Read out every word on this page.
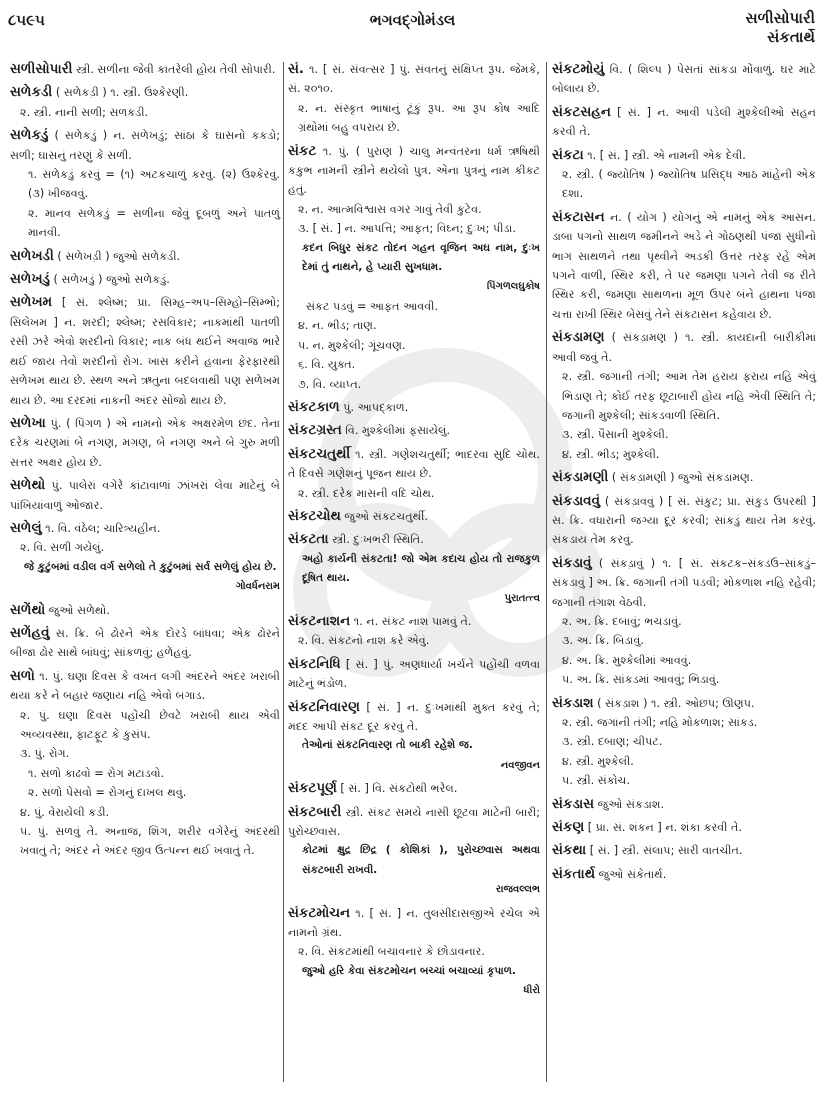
૮૫૯૫	ભગવદ્ગોમંડલ	સળીસોપારી
સંકતાર્થે
સળીસોપારી સ્ત્રી. સળીના જેવી કાતરેલી હોય તેવી સોપારી.
સળેકડી ( સળેકડ઼ી ) ૧. સ્ત્રી. ઉશ્કેરણી.
૨. સ્ત્રી. નાની સળી; સળકડી.
સળેકડું ( સળેકડ઼ું ) ન. સળેખડું; સાંઠા કે ઘાસનો કકડો; સળી; ઘાસનું તરણું કે સળી.
૧. સળેકડું કરવું = (૧) અટકચાળું કરવું. (૨) ઉશ્કેરવું. (૩) ખીજવવું.
૨. માનવ સળેકડું = સળીના જેવું દૂબળું અને પાતળું માનવી.
સળેખડી ( સળેખડ઼ી ) જુઓ સળેકડી.
સળેખડું ( સળેખડ઼ું ) જુઓ સળેકડું.
સળેખમ [ સં. શ્લેષ્મ; પ્રા. સિમ્હ–અપ–સિમ્હો–સિમ્ભો; સિલેખમ ] ન. શરદી; શ્લેષ્મ; રસવિકાર; નાકમાંથી પાતળી રસી ઝરે એવો શરદીનો વિકાર; નાક બંધ થઈને અવાજ ભારે થઈ જાય તેવો શરદીનો રોગ. ખાસ કરીને હવાના ફેરફારથી સળેખમ થાય છે. સ્થળ અને ઋતુના બદલવાથી પણ સળેખમ થાય છે. આ દરદમાં નાકની અંદર સોજો થાય છે.
સળેખા પું. ( પિંગળ ) એ નામનો એક અક્ષરમેળ છંદ. તેના દરેક ચરણમાં બે નગણ, મગણ, બે નગણ અને બે ગુરુ મળી સત્તર અક્ષર હોય છે.
સળેથો પું. પાલેરાં વગેરે કાંટાવાળાં ઝાંખરાં લેવા માટેનું બે પાંખિયાંવાળું ઓજાર.
સળેલું ૧. વિ. વંઠેલ; ચારિત્ર્યહીન.
૨. વિ. સળી ગયેલું.
જે કુટુંબમાં વડીલ વર્ગ સળેલો તે કુટુંબમાં સર્વ સળેલું હોય છે.
ગોવર્ધનરામ
સળેંથો જુઓ સળેથો.
સળેંહવું સ. ક્રિ. બે ઢોરને એક દોરડે બાંધવા; એક ઢોરને બીજા ઢોર સાથે બાંધવું; સાંકળવું; હળેંહવું.
સળો ૧. પું. ઘણા દિવસ કે વખત લગી અંદરને અંદર ખરાબી થયા કરે ને બહાર જણાય નહિ એવો બગાડ.
૨. પું. ઘણા દિવસ પહોંચી છેવટે ખરાબી થાય એવી અવ્યવસ્થા, ફાટફૂટ કે કુસંપ.
૩. પું. રોગ.
૧. સળો કાઢવો = રોગ મટાડવો.
૨. સળો પેસવો = રોગનું દાખલ થવું.
૪. પું. વેરાયેલી કડી.
૫. પું. સળવું તે. અનાજ, શિંગ, શરીર વગેરેનું અંદરથી ખવાતું તે; અંદર ને અંદર જીવ ઉત્પન્ન થઈ ખવાતું તે.
સં. ૧. [ સં. સંવત્સર ] પું. સંવતનું સંક્ષિપ્ત રૂપ. જેમકે, સં. ૨૦૧૦.
૨. ન. સંસ્કૃત ભાષાનું ટૂંકું રૂપ. આ રૂપ કોષ આદિ ગ્રંથોમાં બહુ વપરાય છે.
સંકટ ૧. પું. ( પુરાણ ) ચાલુ મન્વંતરના ધર્મ ઋષિથી કકુભ નામની સ્ત્રીને થયેલો પુત્ર. એના પુત્રનું નામ કીકટ હતું.
૨. ન. આત્મવિશ્વાસ વગર ગાવું તેવી કુટેવ.
૩. [ સં. ] ન. આપત્તિ; આફત; વિઘ્ન; દુઃખ; પીડા.
કદન બિધુર સંકટ તોદન ગહન વૃજિન અઘ નામ, દુઃખ દેમાં તું નાથને, હે પ્યારી સુખધામ.
પિંગળલઘુકોષ
સંકટ પડવું = આફત આવવી.
૪. ન. ભીડ; તાણ.
૫. ન. મુશ્કેલી; ગૂંચવણ.
૬. વિ. યુક્ત.
૭. વિ. વ્યાપ્ત.
સંકટકાળ પું. આપદ્કાળ.
સંકટગ્રસ્ત વિ. મુશ્કેલીમાં ફસાયેલું.
સંકટચતુર્થી ૧. સ્ત્રી. ગણેશચતુર્થી; ભાદરવા સુદિ ચોથ. તે દિવસે ગણેશનું પૂજન થાય છે.
૨. સ્ત્રી. દરેક માસની વદિ ચોથ.
સંકટચોથ જુઓ સંકટચતુર્થી.
સંકટતા સ્ત્રી. દુઃખભરી સ્થિતિ.
અહો કાર્યની સંકટતા! જો એમ કદાચ હોય તો રાજકુળ દૂષિત થાય.
પુરાતત્ત્વ
સંકટનાશન ૧. ન. સંકટ નાશ પામવું તે.
૨. વિ. સંકટનો નાશ કરે એવું.
સંકટનિધિ [ સં. ] પું. અણધાર્યા ખર્ચને પહોંચી વળવા માટેનું ભંડોળ.
સંકટનિવારણ [ સં. ] ન. દુઃખમાંથી મુક્ત કરવું તે; મદદ આપી સંકટ દૂર કરવું તે.
તેઓનાં સંકટનિવારણ તો બાકી રહેશે જ.
નવજીવન
સંકટપૂર્ણ [ સં. ] વિ. સંકટોથી ભરેલ.
સંકટબારી સ્ત્રી. સંકટ સમયે નાસી છૂટવા માટેની બારી; પુરોચ્છ્વાસ.
કોટમાં ક્ષુદ્ર છિદ્ર ( કોશિકાં ), પુરોચ્છ્વાસ અથવા સંકટબારી રાખવી.
રાજવલ્લભ
સંકટમોચન ૧. [ સં. ] ન. તુલસીદાસજીએ રચેલ એ નામનો ગ્રંથ.
૨. વિ. સંકટમાંથી બચાવનાર કે છોડાવનાર.
જુઓ હરિ કેવા સંકટમોચન બચ્ચાં બચાવ્યાં કૃપાળ.
ધીરો
સંકટમોયું વિ. ( શિલ્પ ) પેસતાં સાંકડા મોંવાળું. ઘર માટે બોલાય છે.
સંકટસહન [ સં. ] ન. આવી પડેલી મુશ્કેલીઓ સહન કરવી તે.
સંકટા ૧. [ સં. ] સ્ત્રી. એ નામની એક દેવી.
૨. સ્ત્રી. ( જ્યોતિષ ) જ્યોતિષ પ્રસિદ્ધ આઠ માંહેની એક દશા.
સંકટાસન ન. ( યોગ ) યોગનું એ નામનું એક આસન. ડાબા પગનો સાથળ જમીનને અડે ને ગોઠણથી પંજા સુધીનો ભાગ સાથળને તથા પૃથ્વીને અડકી ઉત્તર તરફ રહે એમ પગને વાળી, સ્થિર કરી, તે પર જમણા પગને તેવી જ રીતે સ્થિર કરી, જમણા સાથળના મૂળ ઉપર બંને હાથના પંજા ચત્તા રાખી સ્થિર બેસવું તેને સંકટાસન કહેવાય છે.
સંકડામણ ( સંકડ઼ામણ ) ૧. સ્ત્રી. કાયદાની બારીકીમાં આવી જવું તે.
૨. સ્ત્રી. જગાની તંગી; આમ તેમ હરાય ફરાય નહિ એવું ભિડાણ તે; કોઈ તરફ છૂટાબારી હોય નહિ એવી સ્થિતિ તે; જગાની મુશ્કેલી; સાંકડવાળી સ્થિતિ.
૩. સ્ત્રી. પૈસાની મુશ્કેલી.
૪. સ્ત્રી. ભીડ; મુશ્કેલી.
સંકડામણી ( સંકડ઼ામણી ) જુઓ સંકડામણ.
સંકડાવવું ( સંકડ઼ાવવું ) [ સં. સંકુટ; પ્રા. સંકુડ ઉપરથી ] સ. ક્રિ. વધારાની જગ્યા દૂર કરવી; સાંકડું થાય તેમ કરવું. સંકડાય તેમ કરવું.
સંકડાવું ( સંકડ઼ાવું ) ૧. [ સં. સંકટક–સંકડઉ–સાંકડું–સંકડાવું ] અ. ક્રિ. જગાની તંગી પડવી; મોકળાશ નહિ રહેવી; જગાની તંગાશ વેઠવી.
૨. અ. ક્રિ. દબાવું; ભચડાવું.
૩. અ. ક્રિ. બિડાવું.
૪. અ. ક્રિ. મુશ્કેલીમાં આવવું.
૫. અ. ક્રિ. સાંકડમાં આવવું; ભિડાવું.
સંકડાશ ( સંકડ઼ાશ ) ૧. સ્ત્રી. ઓછપ; ઊણપ.
૨. સ્ત્રી. જગાની તંગી; નહિ મોકળાશ; સાંકડ.
૩. સ્ત્રી. દબાણ; ચીપટ.
૪. સ્ત્રી. મુશ્કેલી.
૫. સ્ત્રી. સંકોચ.
સંકડાસ જુઓ સંકડાશ.
સંકણ [ પ્રા. સં. શંકન ] ન. શંકા કરવી તે.
સંકથા [ સં. ] સ્ત્રી. સંલાપ; સારી વાતચીત.
સંકતાર્થ જુઓ સંકેતાર્થ.
